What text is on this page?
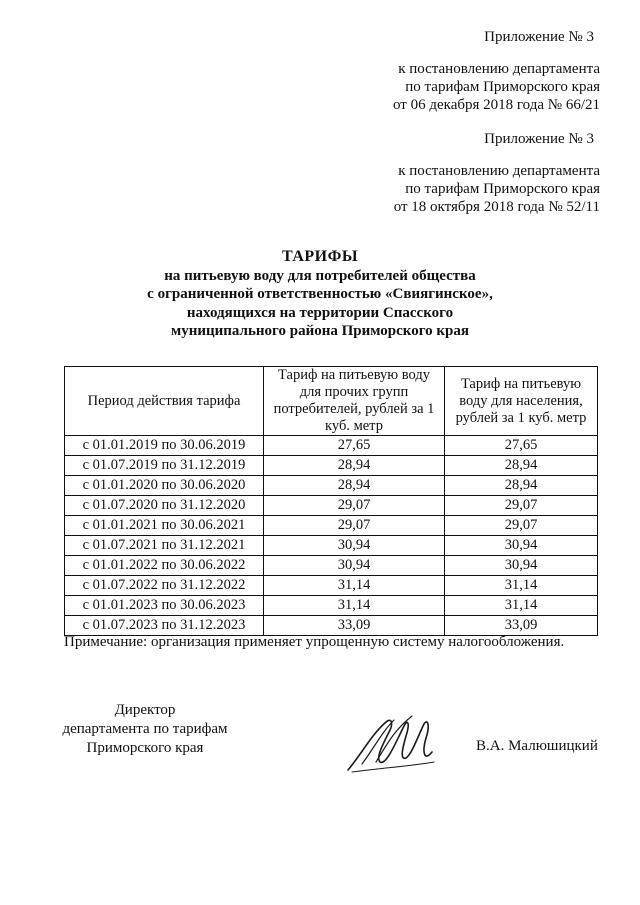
Приложение № 3
к постановлению департамента
по тарифам Приморского края
от 06 декабря 2018 года № 66/21
Приложение № 3
к постановлению департамента
по тарифам Приморского края
от 18 октября 2018 года № 52/11
ТАРИФЫ
на питьевую воду для потребителей общества
с ограниченной ответственностью «Свиягинское»,
находящихся на территории Спасского
муниципального района Приморского края
Период действия тарифа	Тариф на питьевую воду для прочих групп потребителей, рублей за 1 куб. метр	Тариф на питьевую воду для населения, рублей за 1 куб. метр
с 01.01.2019 по 30.06.2019	27,65	27,65
с 01.07.2019 по 31.12.2019	28,94	28,94
с 01.01.2020 по 30.06.2020	28,94	28,94
с 01.07.2020 по 31.12.2020	29,07	29,07
с 01.01.2021 по 30.06.2021	29,07	29,07
с 01.07.2021 по 31.12.2021	30,94	30,94
с 01.01.2022 по 30.06.2022	30,94	30,94
с 01.07.2022 по 31.12.2022	31,14	31,14
с 01.01.2023 по 30.06.2023	31,14	31,14
с 01.07.2023 по 31.12.2023	33,09	33,09
Примечание: организация применяет упрощенную систему налогообложения.
Директор
департамента по тарифам
Приморского края	В.А. Малюшицкий
